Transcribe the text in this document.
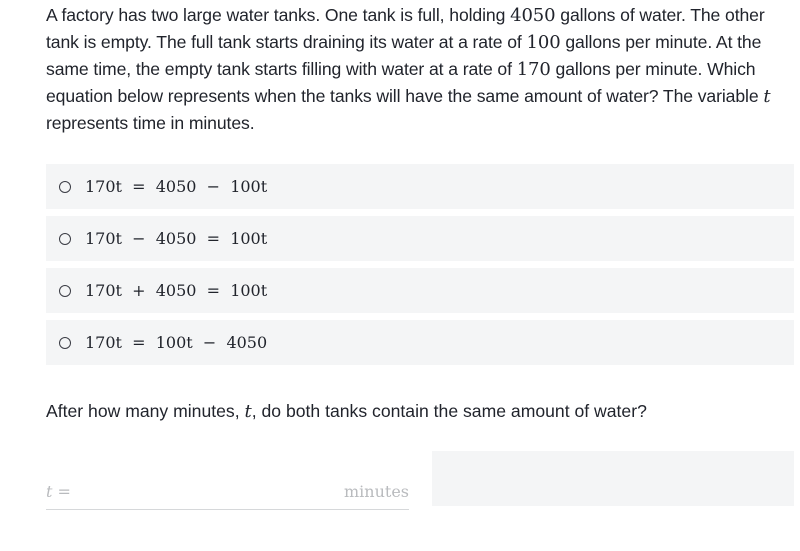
A factory has two large water tanks. One tank is full, holding 4050 gallons of water. The other tank is empty. The full tank starts draining its water at a rate of 100 gallons per minute. At the same time, the empty tank starts filling with water at a rate of 170 gallons per minute. Which equation below represents when the tanks will have the same amount of water? The variable t represents time in minutes.
170t  =  4050  −  100t
170t  −  4050  =  100t
170t  +  4050  =  100t
170t  =  100t  −  4050
After how many minutes, t, do both tanks contain the same amount of water?
t =	minutes
